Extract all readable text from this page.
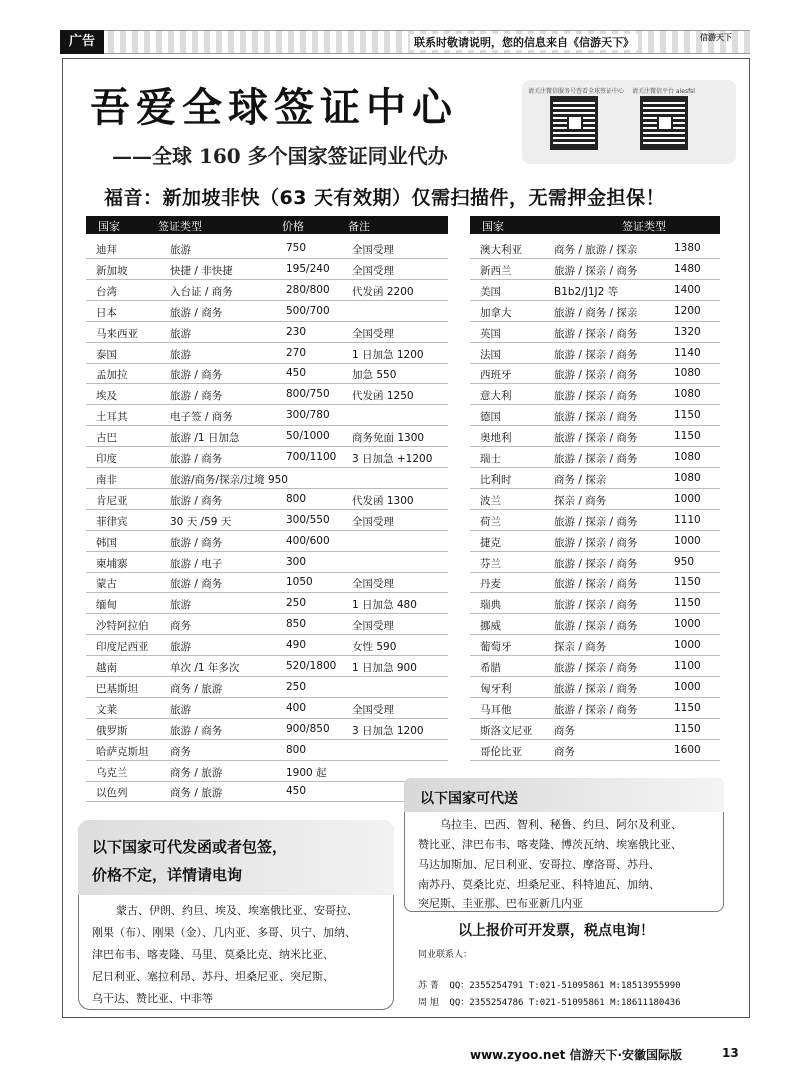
广告	联系时敬请说明，您的信息来自《信游天下》	信游天下
吾爱全球签证中心
——全球 160 多个国家签证同业代办
请关注微信服务号查看全球签证中心 请关注微信平台 aiesfsl
福音：新加坡非快（63 天有效期）仅需扫描件，无需押金担保！
国家	签证类型	价格	备注
迪拜	旅游	750	全国受理
新加坡	快捷 / 非快捷	195/240 全国受理
台湾	入台证 / 商务	280/800 代发函 2200
日本	旅游 / 商务	500/700
马来西亚	旅游	230	全国受理
泰国	旅游	270	1 日加急 1200
孟加拉	旅游 / 商务	450	加急 550
埃及	旅游 / 商务	800/750 代发函 1250
土耳其	电子签 / 商务	300/780
古巴	旅游 /1 日加急	50/1000 商务免面 1300
印度	旅游 / 商务	700/1100 3 日加急 +1200
南非	旅游/商务/探亲/过境 950
肯尼亚	旅游 / 商务	800	代发函 1300
菲律宾	30 天 /59 天	300/550 全国受理
韩国	旅游 / 商务	400/600
柬埔寨	旅游 / 电子	300
蒙古	旅游 / 商务	1050	全国受理
缅甸	旅游	250	1 日加急 480
沙特阿拉伯 商务	850	全国受理
印度尼西亚 旅游	490	女性 590
越南	单次 /1 年多次	520/1800 1 日加急 900
巴基斯坦	商务 / 旅游	250
文莱	旅游	400	全国受理
俄罗斯	旅游 / 商务	900/850 3 日加急 1200
哈萨克斯坦 商务	800
乌克兰	商务 / 旅游	1900 起
以色列	商务 / 旅游	450
国家	签证类型
澳大利亚	商务 / 旅游 / 探亲	1380
新西兰	旅游 / 探亲 / 商务	1480
美国	B1b2/J1J2 等	1400
加拿大	旅游 / 商务 / 探亲	1200
英国	旅游 / 探亲 / 商务	1320
法国	旅游 / 探亲 / 商务	1140
西班牙	旅游 / 探亲 / 商务	1080
意大利	旅游 / 探亲 / 商务	1080
德国	旅游 / 探亲 / 商务	1150
奥地利	旅游 / 探亲 / 商务	1150
瑞士	旅游 / 探亲 / 商务	1080
比利时	商务 / 探亲	1080
波兰	探亲 / 商务	1000
荷兰	旅游 / 探亲 / 商务	1110
捷克	旅游 / 探亲 / 商务	1000
芬兰	旅游 / 探亲 / 商务	950
丹麦	旅游 / 探亲 / 商务	1150
瑞典	旅游 / 探亲 / 商务	1150
挪威	旅游 / 探亲 / 商务	1000
葡萄牙	探亲 / 商务	1000
希腊	旅游 / 探亲 / 商务	1100
匈牙利	旅游 / 探亲 / 商务	1000
马耳他	旅游 / 探亲 / 商务	1150
斯洛文尼亚 商务	1150
哥伦比亚	商务	1600
以下国家可代送
乌拉圭、巴西、智利、秘鲁、约旦、阿尔及利亚、
赞比亚、津巴布韦、喀麦隆、博茨瓦纳、埃塞俄比亚、
马达加斯加、尼日利亚、安哥拉、摩洛哥、苏丹、
南苏丹、莫桑比克、坦桑尼亚、科特迪瓦、加纳、
突尼斯、圭亚那、巴布亚新几内亚
以下国家可代发函或者包签，
价格不定，详情请电询
蒙古、伊朗、约旦、埃及、埃塞俄比亚、安哥拉、
刚果（布）、刚果（金）、几内亚、多哥、贝宁、加纳、
津巴布韦、喀麦隆、马里、莫桑比克、纳米比亚、
尼日利亚、塞拉利昂、苏丹、坦桑尼亚、突尼斯、
乌干达、赞比亚、中非等
以上报价可开发票，税点电询！
同业联系人：
苏 菁 QQ：2355254791 T:021-51095861 M:18513955990
周 旭 QQ：2355254786 T:021-51095861 M:18611180436
www.zyoo.net 信游天下·安徽国际版	13
